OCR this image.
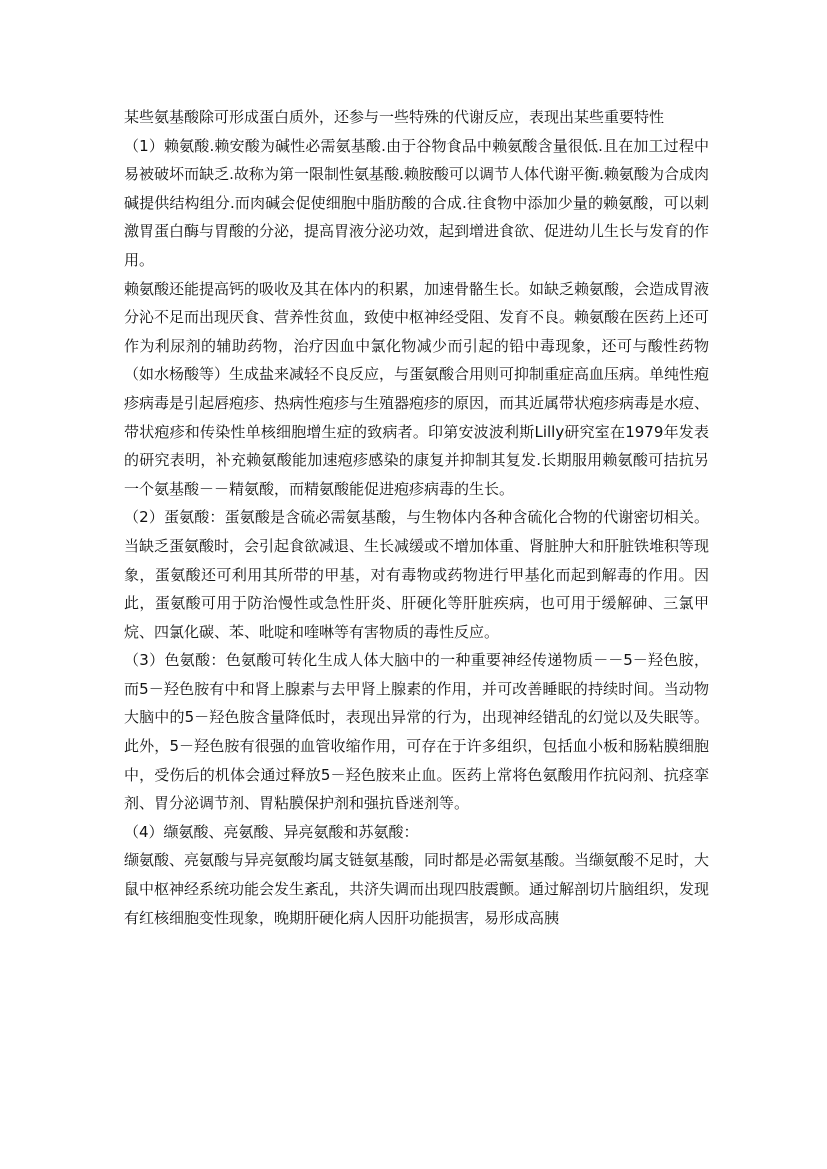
某些氨基酸除可形成蛋白质外，还参与一些特殊的代谢反应，表现出某些重要特性

（1）赖氨酸.赖安酸为碱性必需氨基酸.由于谷物食品中赖氨酸含量很低.且在加工过程中易被破坏而缺乏.故称为第一限制性氨基酸.赖胺酸可以调节人体代谢平衡.赖氨酸为合成肉碱提供结构组分.而肉碱会促使细胞中脂肪酸的合成.往食物中添加少量的赖氨酸，可以刺激胃蛋白酶与胃酸的分泌，提高胃液分泌功效，起到增进食欲、促进幼儿生长与发育的作用。

赖氨酸还能提高钙的吸收及其在体内的积累，加速骨骼生长。如缺乏赖氨酸，会造成胃液分沁不足而出现厌食、营养性贫血，致使中枢神经受阻、发育不良。赖氨酸在医药上还可作为利尿剂的辅助药物，治疗因血中氯化物减少而引起的铅中毒现象，还可与酸性药物（如水杨酸等）生成盐来减轻不良反应，与蛋氨酸合用则可抑制重症高血压病。单纯性疱疹病毒是引起唇疱疹、热病性疱疹与生殖器疱疹的原因，而其近属带状疱疹病毒是水痘、带状疱疹和传染性单核细胞增生症的致病者。印第安波波利斯Lilly研究室在1979年发表的研究表明，补充赖氨酸能加速疱疹感染的康复并抑制其复发.长期服用赖氨酸可拮抗另一个氨基酸－－精氨酸，而精氨酸能促进疱疹病毒的生长。

（2）蛋氨酸：蛋氨酸是含硫必需氨基酸，与生物体内各种含硫化合物的代谢密切相关。当缺乏蛋氨酸时，会引起食欲减退、生长减缓或不增加体重、肾脏肿大和肝脏铁堆积等现象，蛋氨酸还可利用其所带的甲基，对有毒物或药物进行甲基化而起到解毒的作用。因此，蛋氨酸可用于防治慢性或急性肝炎、肝硬化等肝脏疾病，也可用于缓解砷、三氯甲烷、四氯化碳、苯、吡啶和喹啉等有害物质的毒性反应。

（3）色氨酸：色氨酸可转化生成人体大脑中的一种重要神经传递物质－－5－羟色胺，而5－羟色胺有中和肾上腺素与去甲肾上腺素的作用，并可改善睡眠的持续时间。当动物大脑中的5－羟色胺含量降低时，表现出异常的行为，出现神经错乱的幻觉以及失眠等。此外，5－羟色胺有很强的血管收缩作用，可存在于许多组织，包括血小板和肠粘膜细胞中，受伤后的机体会通过释放5－羟色胺来止血。医药上常将色氨酸用作抗闷剂、抗痉挛剂、胃分泌调节剂、胃粘膜保护剂和强抗昏迷剂等。

（4）缬氨酸、亮氨酸、异亮氨酸和苏氨酸：

缬氨酸、亮氨酸与异亮氨酸均属支链氨基酸，同时都是必需氨基酸。当缬氨酸不足时，大鼠中枢神经系统功能会发生紊乱，共济失调而出现四肢震颤。通过解剖切片脑组织，发现有红核细胞变性现象，晚期肝硬化病人因肝功能损害，易形成高胰
